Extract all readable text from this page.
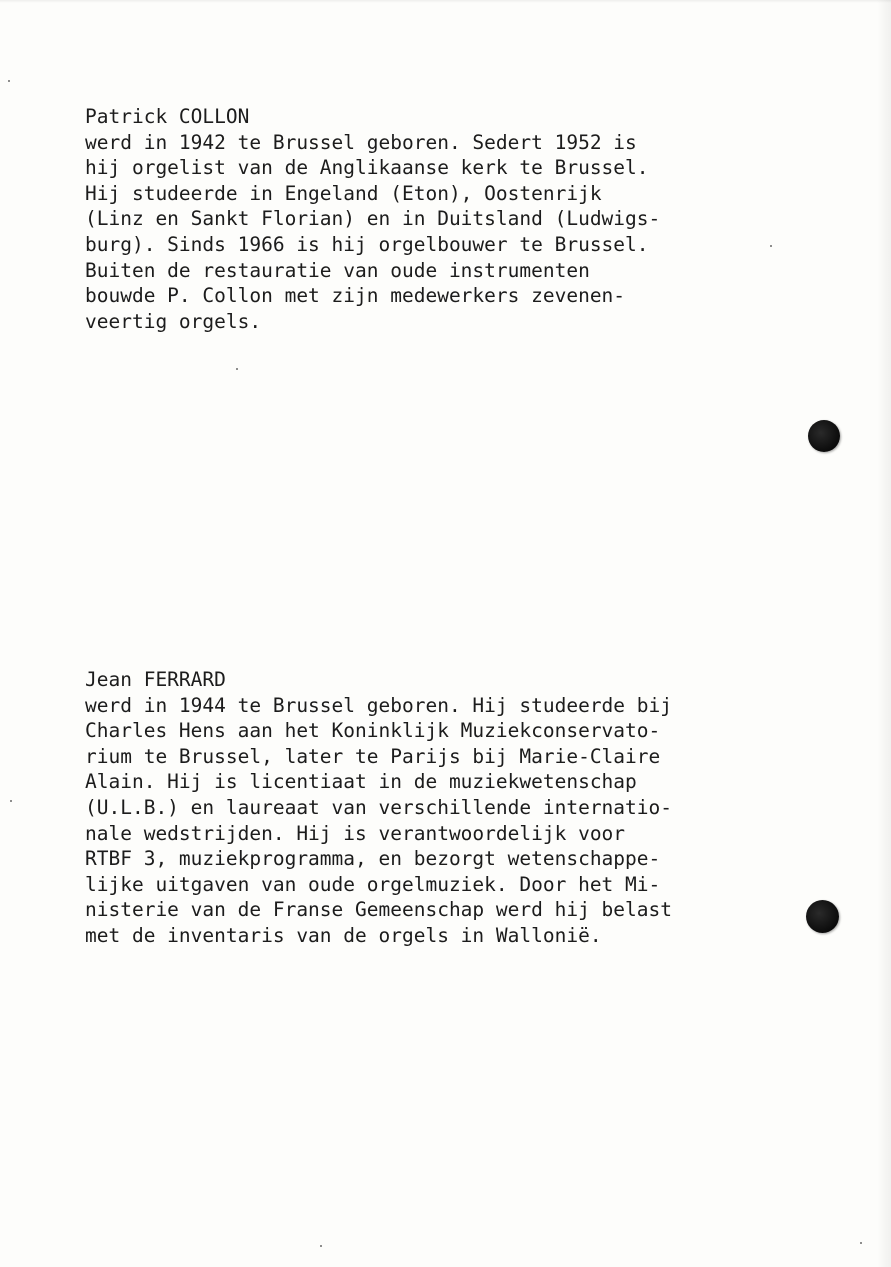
Patrick COLLON
werd in 1942 te Brussel geboren. Sedert 1952 is
hij orgelist van de Anglikaanse kerk te Brussel.
Hij studeerde in Engeland (Eton), Oostenrijk
(Linz en Sankt Florian) en in Duitsland (Ludwigs-
burg). Sinds 1966 is hij orgelbouwer te Brussel.
Buiten de restauratie van oude instrumenten
bouwde P. Collon met zijn medewerkers zevenen-
veertig orgels.
Jean FERRARD
werd in 1944 te Brussel geboren. Hij studeerde bij
Charles Hens aan het Koninklijk Muziekconservato-
rium te Brussel, later te Parijs bij Marie-Claire
Alain. Hij is licentiaat in de muziekwetenschap
(U.L.B.) en laureaat van verschillende internatio-
nale wedstrijden. Hij is verantwoordelijk voor
RTBF 3, muziekprogramma, en bezorgt wetenschappe-
lijke uitgaven van oude orgelmuziek. Door het Mi-
nisterie van de Franse Gemeenschap werd hij belast
met de inventaris van de orgels in Wallonië.
